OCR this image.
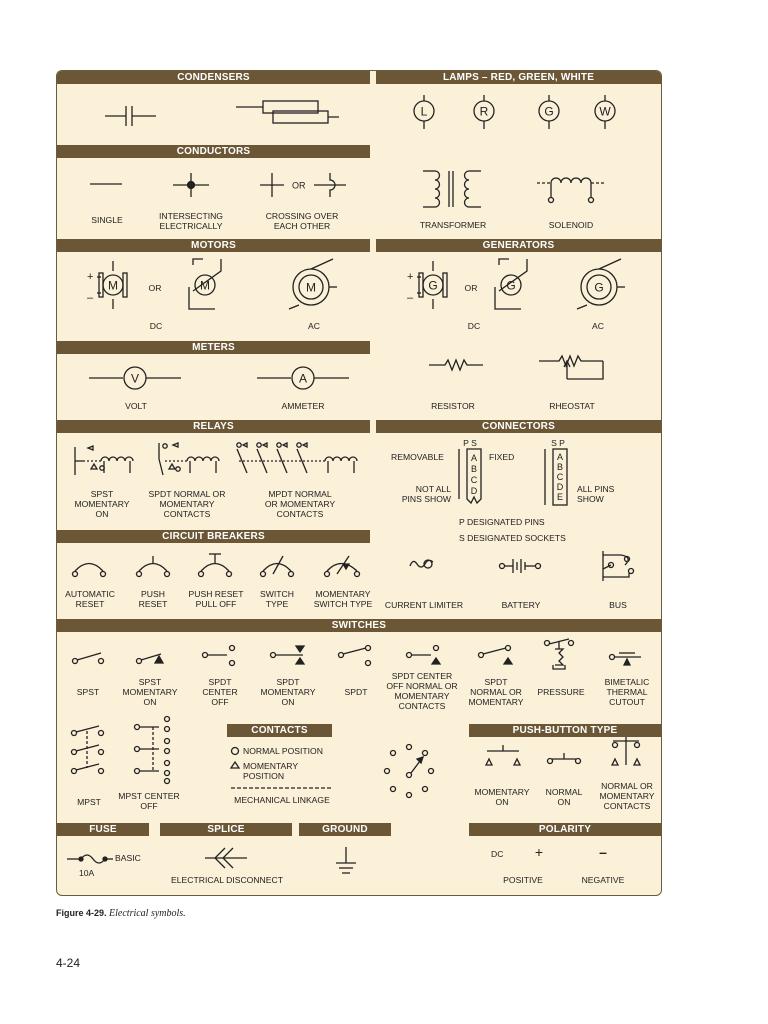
CONDENSERS	LAMPS – RED, GREEN, WHITE
CONDUCTORS
MOTORS	GENERATORS
METERS
RELAYS	CONNECTORS
CIRCUIT BREAKERS
SWITCHES
CONTACTS	PUSH-BUTTON TYPE
FUSE	SPLICE	GROUND	POLARITY
L	R	G	W
SINGLE	INTERSECTING
ELECTRICALLY
OR
CROSSING OVER
EACH OTHER	TRANSFORMER	SOLENOID
+
–
M	OR	M
DC
M
AC
+
–
G	OR	G
DC
G
AC
V
VOLT
A
AMMETER	RESISTOR	RHEOSTAT
SPST
MOMENTARY
ON
SPDT NORMAL OR
MOMENTARY
CONTACTS
MPDT NORMAL
OR MOMENTARY
CONTACTS
P S
REMOVABLE	A
B
C
D
FIXED
NOT ALL
PINS SHOW
S P
A
B
C
D
E
ALL PINS
SHOW
P DESIGNATED PINS
S DESIGNATED SOCKETS
AUTOMATIC
RESET
PUSH
RESET
PUSH RESET
PULL OFF
SWITCH
TYPE
MOMENTARY
SWITCH TYPE	CURRENT LIMITER	BATTERY	BUS
SPST
SPST
MOMENTARY
ON
SPDT
CENTER
OFF
SPDT
MOMENTARY
ON
SPDT
SPDT CENTER
OFF NORMAL OR
MOMENTARY
CONTACTS
SPDT
NORMAL OR
MOMENTARY
PRESSURE
BIMETALIC
THERMAL
CUTOUT
MPST
MPST CENTER
OFF
NORMAL POSITION
MOMENTARY
POSITION
MECHANICAL LINKAGE
MOMENTARY
ON
NORMAL
ON
NORMAL OR
MOMENTARY
CONTACTS
BASIC
10A
ELECTRICAL DISCONNECT
DC	+	–
POSITIVE	NEGATIVE
Figure 4-29. Electrical symbols.
4-24
